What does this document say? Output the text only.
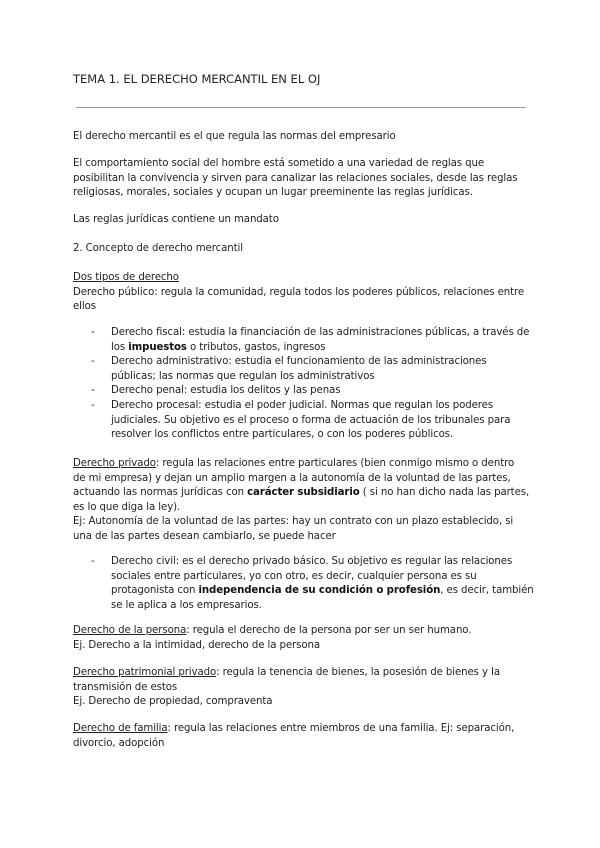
TEMA 1. EL DERECHO MERCANTIL EN EL OJ
El derecho mercantil es el que regula las normas del empresario
El comportamiento social del hombre está sometido a una variedad de reglas que
posibilitan la convivencia y sirven para canalizar las relaciones sociales, desde las reglas
religiosas, morales, sociales y ocupan un lugar preeminente las reglas jurídicas.
Las reglas jurídicas contiene un mandato
2. Concepto de derecho mercantil
Dos tipos de derecho
Derecho público: regula la comunidad, regula todos los poderes públicos, relaciones entre
ellos
- Derecho fiscal: estudia la financiación de las administraciones públicas, a través de
los impuestos o tributos, gastos, ingresos
- Derecho administrativo: estudia el funcionamiento de las administraciones
públicas; las normas que regulan los administrativos
- Derecho penal: estudia los delitos y las penas
- Derecho procesal: estudia el poder judicial. Normas que regulan los poderes
judiciales. Su objetivo es el proceso o forma de actuación de los tribunales para
resolver los conflictos entre particulares, o con los poderes públicos.
Derecho privado: regula las relaciones entre particulares (bien conmigo mismo o dentro
de mi empresa) y dejan un amplio margen a la autonomía de la voluntad de las partes,
actuando las normas jurídicas con carácter subsidiario ( si no han dicho nada las partes,
es lo que diga la ley).
Ej: Autonomía de la voluntad de las partes: hay un contrato con un plazo establecido, si
una de las partes desean cambiarlo, se puede hacer
- Derecho civil: es el derecho privado básico. Su objetivo es regular las relaciones
sociales entre particulares, yo con otro, es decir, cualquier persona es su
protagonista con independencia de su condición o profesión, es decir, también
se le aplica a los empresarios.
Derecho de la persona: regula el derecho de la persona por ser un ser humano.
Ej. Derecho a la intimidad, derecho de la persona
Derecho patrimonial privado: regula la tenencia de bienes, la posesión de bienes y la
transmisión de estos
Ej. Derecho de propiedad, compraventa
Derecho de familia: regula las relaciones entre miembros de una familia. Ej: separación,
divorcio, adopción
